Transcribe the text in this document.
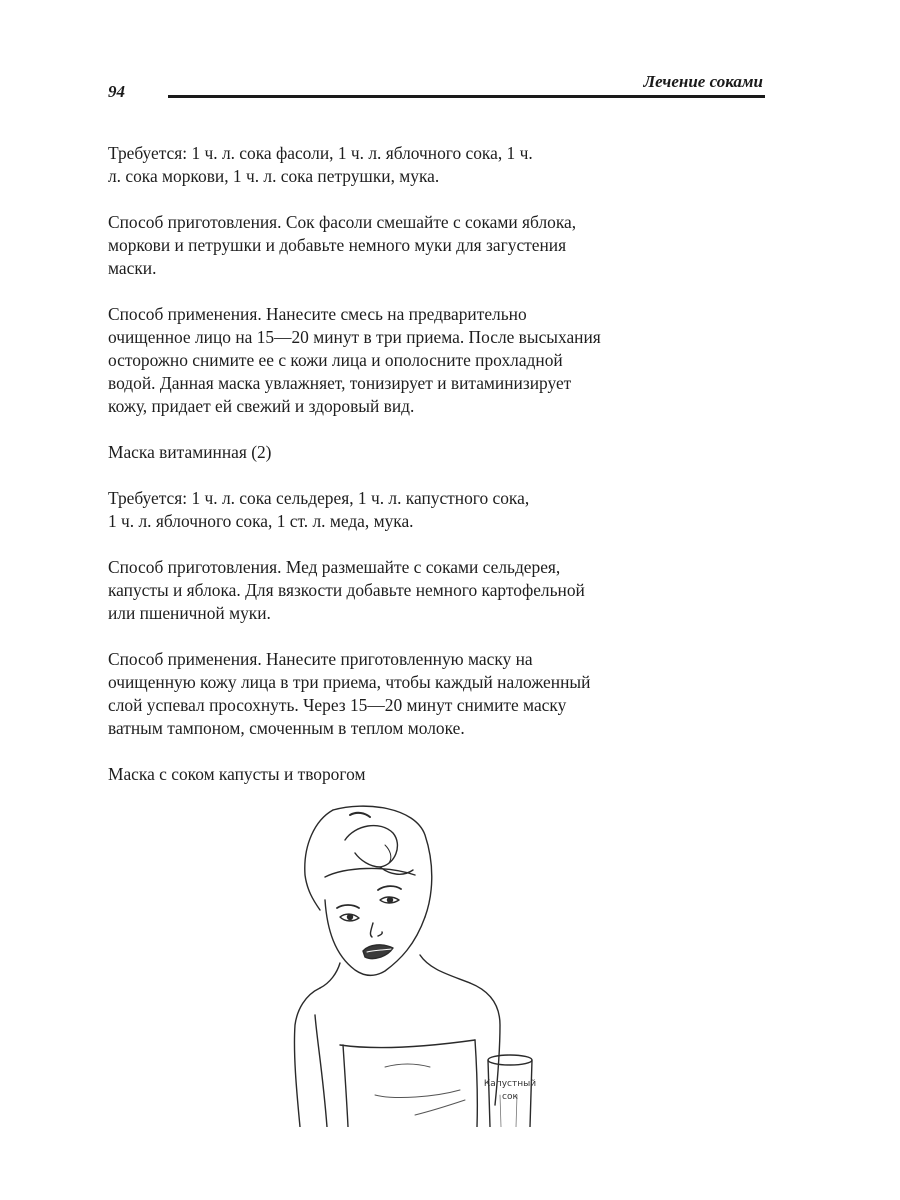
94
Лечение соками

Требуется: 1 ч. л. сока фасоли, 1 ч. л. яблочного сока, 1 ч.
л. сока моркови, 1 ч. л. сока петрушки, мука.

Способ приготовления. Сок фасоли смешайте с соками яблока,
моркови и петрушки и добавьте немного муки для загустения
маски.

Способ применения. Нанесите смесь на предварительно
очищенное лицо на 15—20 минут в три приема. После высыхания
осторожно снимите ее с кожи лица и ополосните прохладной
водой. Данная маска увлажняет, тонизирует и витаминизирует
кожу, придает ей свежий и здоровый вид.

Маска витаминная (2)

Требуется: 1 ч. л. сока сельдерея, 1 ч. л. капустного сока,
1 ч. л. яблочного сока, 1 ст. л. меда, мука.

Способ приготовления. Мед размешайте с соками сельдерея,
капусты и яблока. Для вязкости добавьте немного картофельной
или пшеничной муки.

Способ применения. Нанесите приготовленную маску на
очищенную кожу лица в три приема, чтобы каждый наложенный
слой успевал просохнуть. Через 15—20 минут снимите маску
ватным тампоном, смоченным в теплом молоке.

Маска с соком капусты и творогом

Капустный
сок
